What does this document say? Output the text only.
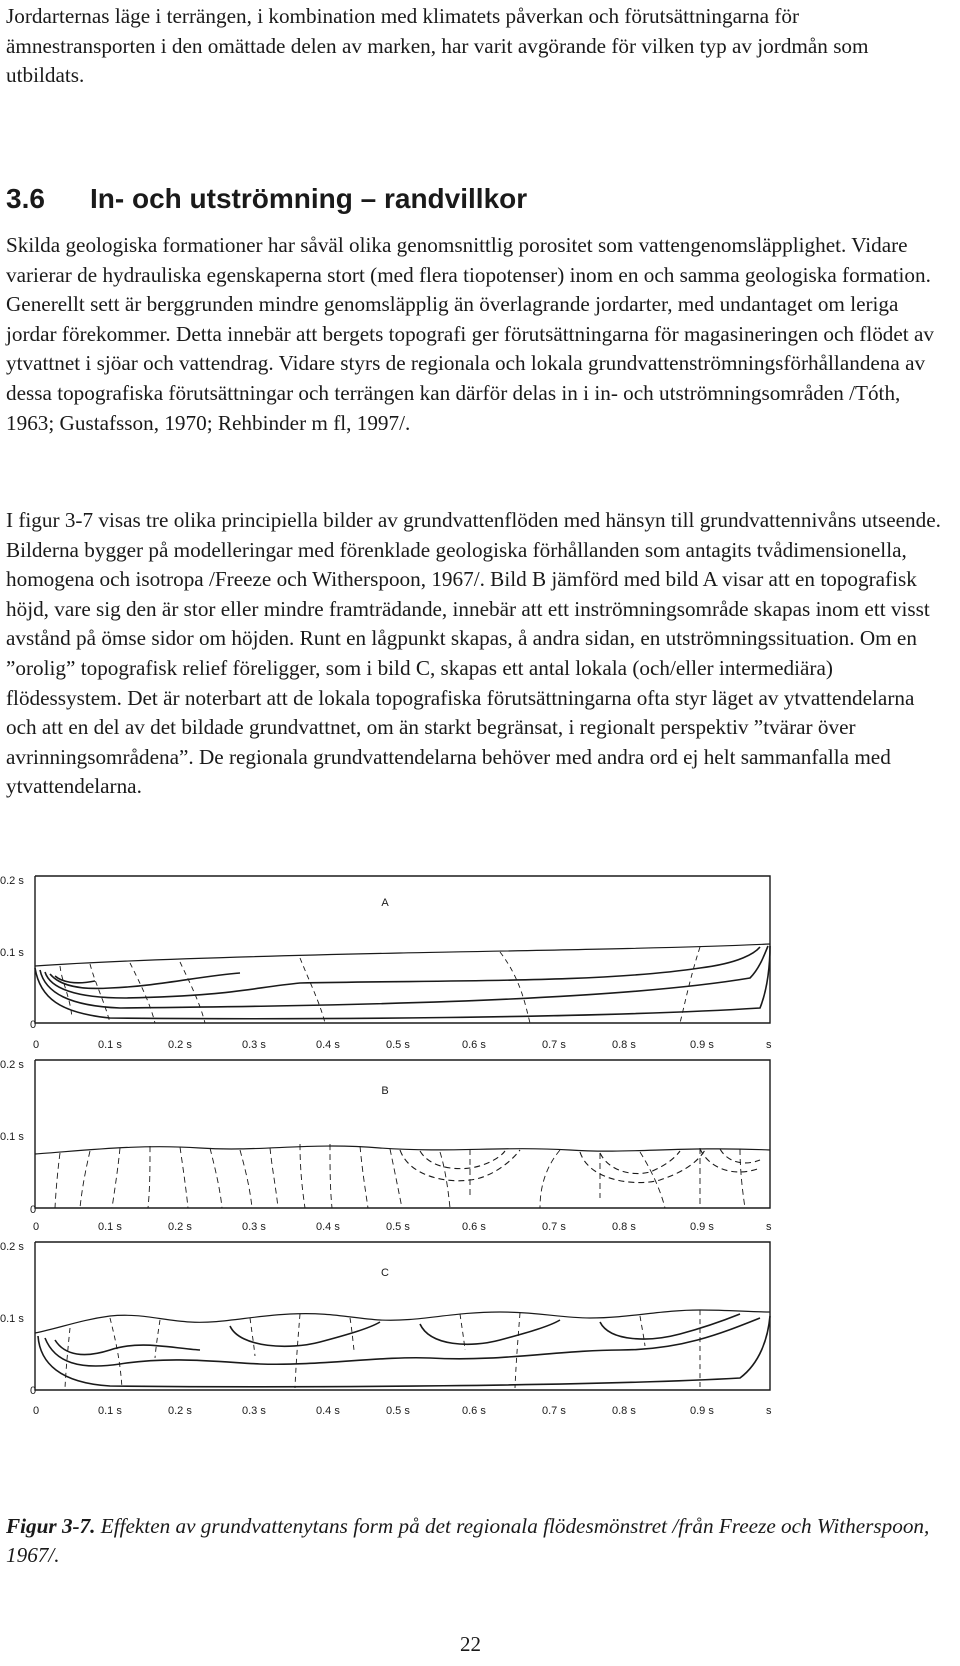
Jordarternas läge i terrängen, i kombination med klimatets påverkan och förutsättningarna för ämnestransporten i den omättade delen av marken, har varit avgörande för vilken typ av jordmån som utbildats.

3.6 In- och utströmning – randvillkor

Skilda geologiska formationer har såväl olika genomsnittlig porositet som vattengenomsläpplighet. Vidare varierar de hydrauliska egenskaperna stort (med flera tiopotenser) inom en och samma geologiska formation. Generellt sett är berggrunden mindre genomsläpplig än överlagrande jordarter, med undantaget om leriga jordar förekommer. Detta innebär att bergets topografi ger förutsättningarna för magasineringen och flödet av ytvattnet i sjöar och vattendrag. Vidare styrs de regionala och lokala grundvattenströmningsförhållandena av dessa topografiska förutsättningar och terrängen kan därför delas in i in- och utströmningsområden /Tóth, 1963; Gustafsson, 1970; Rehbinder m fl, 1997/.

I figur 3-7 visas tre olika principiella bilder av grundvattenflöden med hänsyn till grundvattennivåns utseende. Bilderna bygger på modelleringar med förenklade geologiska förhållanden som antagits tvådimensionella, homogena och isotropa /Freeze och Witherspoon, 1967/. Bild B jämförd med bild A visar att en topografisk höjd, vare sig den är stor eller mindre framträdande, innebär att ett inströmningsområde skapas inom ett visst avstånd på ömse sidor om höjden. Runt en lågpunkt skapas, å andra sidan, en utströmningssituation. Om en ”orolig” topografisk relief föreligger, som i bild C, skapas ett antal lokala (och/eller intermediära) flödessystem. Det är noterbart att de lokala topografiska förutsättningarna ofta styr läget av ytvattendelarna och att en del av det bildade grundvattnet, om än starkt begränsat, i regionalt perspektiv ”tvärar över avrinningsområdena”. De regionala grundvattendelarna behöver med andra ord ej helt sammanfalla med ytvattendelarna.

0.2 s
0.1 s
0
A
0	0.1 s	0.2 s	0.3 s	0.4 s	0.5 s	0.6 s	0.7 s	0.8 s	0.9 s	s
0.2 s
0.1 s
0
B
0	0.1 s	0.2 s	0.3 s	0.4 s	0.5 s	0.6 s	0.7 s	0.8 s	0.9 s	s
0.2 s
0.1 s
0
C
0	0.1 s	0.2 s	0.3 s	0.4 s	0.5 s	0.6 s	0.7 s	0.8 s	0.9 s	s

Figur 3-7. Effekten av grundvattenytans form på det regionala flödesmönstret /från Freeze och Witherspoon, 1967/.

22
